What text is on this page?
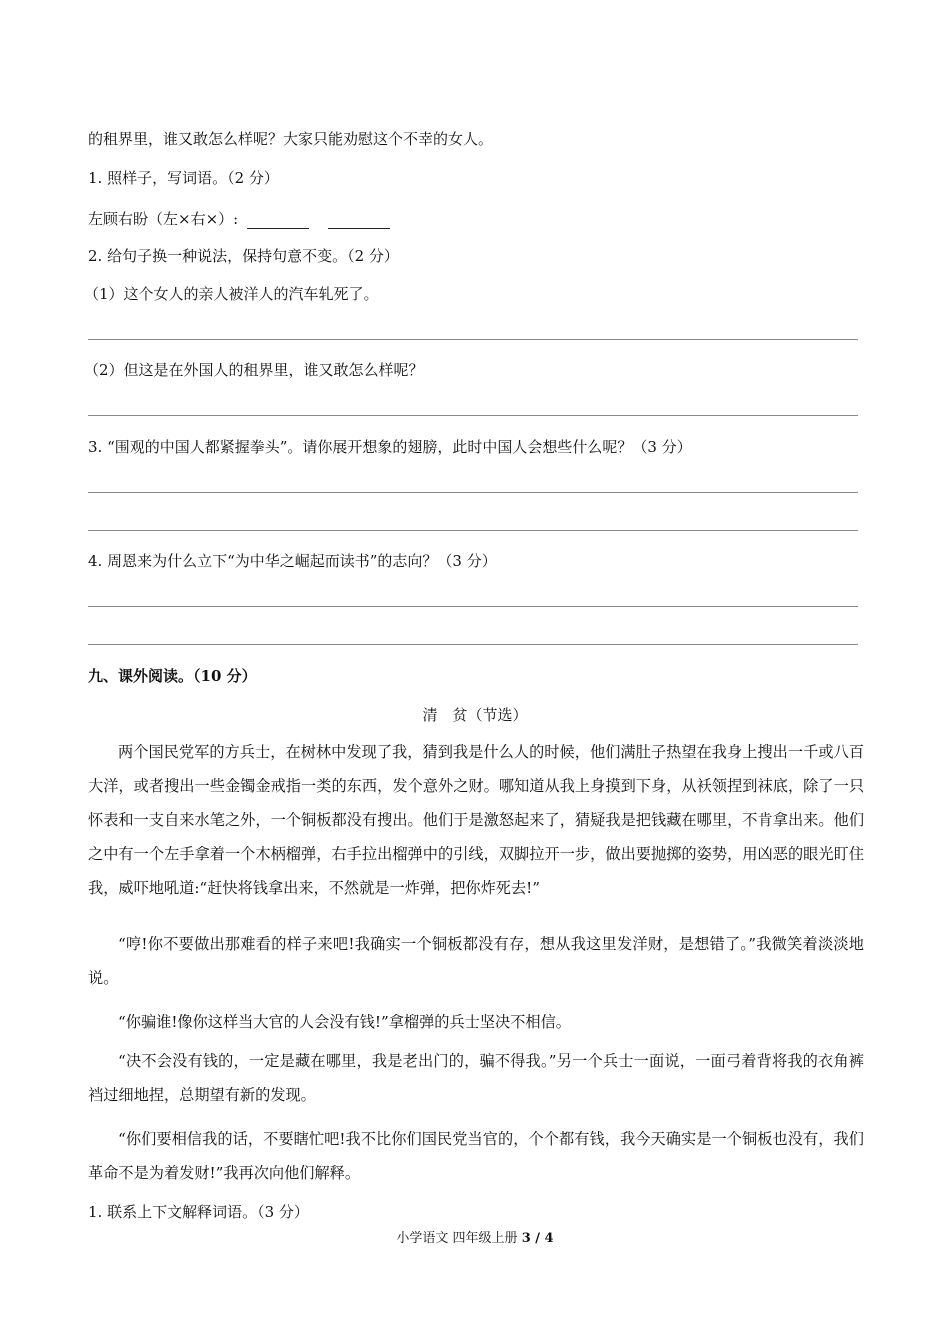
的租界里，谁又敢怎么样呢？大家只能劝慰这个不幸的女人。
1. 照样子，写词语。（2 分）
左顾右盼（左×右×）:
2. 给句子换一种说法，保持句意不变。（2 分）
（1）这个女人的亲人被洋人的汽车轧死了。
（2）但这是在外国人的租界里，谁又敢怎么样呢？
3. “围观的中国人都紧握拳头”。请你展开想象的翅膀，此时中国人会想些什么呢？（3 分）
4. 周恩来为什么立下“为中华之崛起而读书”的志向？（3 分）
九、课外阅读。（10 分）
清　贫（节选）
两个国民党军的方兵士，在树林中发现了我，猜到我是什么人的时候，他们满肚子热望在我身上搜出一千或八百大洋，或者搜出一些金镯金戒指一类的东西，发个意外之财。哪知道从我上身摸到下身，从袄领捏到袜底，除了一只怀表和一支自来水笔之外，一个铜板都没有搜出。他们于是激怒起来了，猜疑我是把钱藏在哪里，不肯拿出来。他们之中有一个左手拿着一个木柄榴弹，右手拉出榴弹中的引线，双脚拉开一步，做出要抛掷的姿势，用凶恶的眼光盯住我，威吓地吼道:“赶快将钱拿出来，不然就是一炸弹，把你炸死去!”
“哼!你不要做出那难看的样子来吧!我确实一个铜板都没有存，想从我这里发洋财，是想错了。”我微笑着淡淡地说。
“你骗谁!像你这样当大官的人会没有钱!”拿榴弹的兵士坚决不相信。
“决不会没有钱的，一定是藏在哪里，我是老出门的，骗不得我。”另一个兵士一面说，一面弓着背将我的衣角裤裆过细地捏，总期望有新的发现。
“你们要相信我的话，不要瞎忙吧!我不比你们国民党当官的，个个都有钱，我今天确实是一个铜板也没有，我们革命不是为着发财!”我再次向他们解释。
1. 联系上下文解释词语。（3 分）
小学语文 四年级上册 3 / 4
